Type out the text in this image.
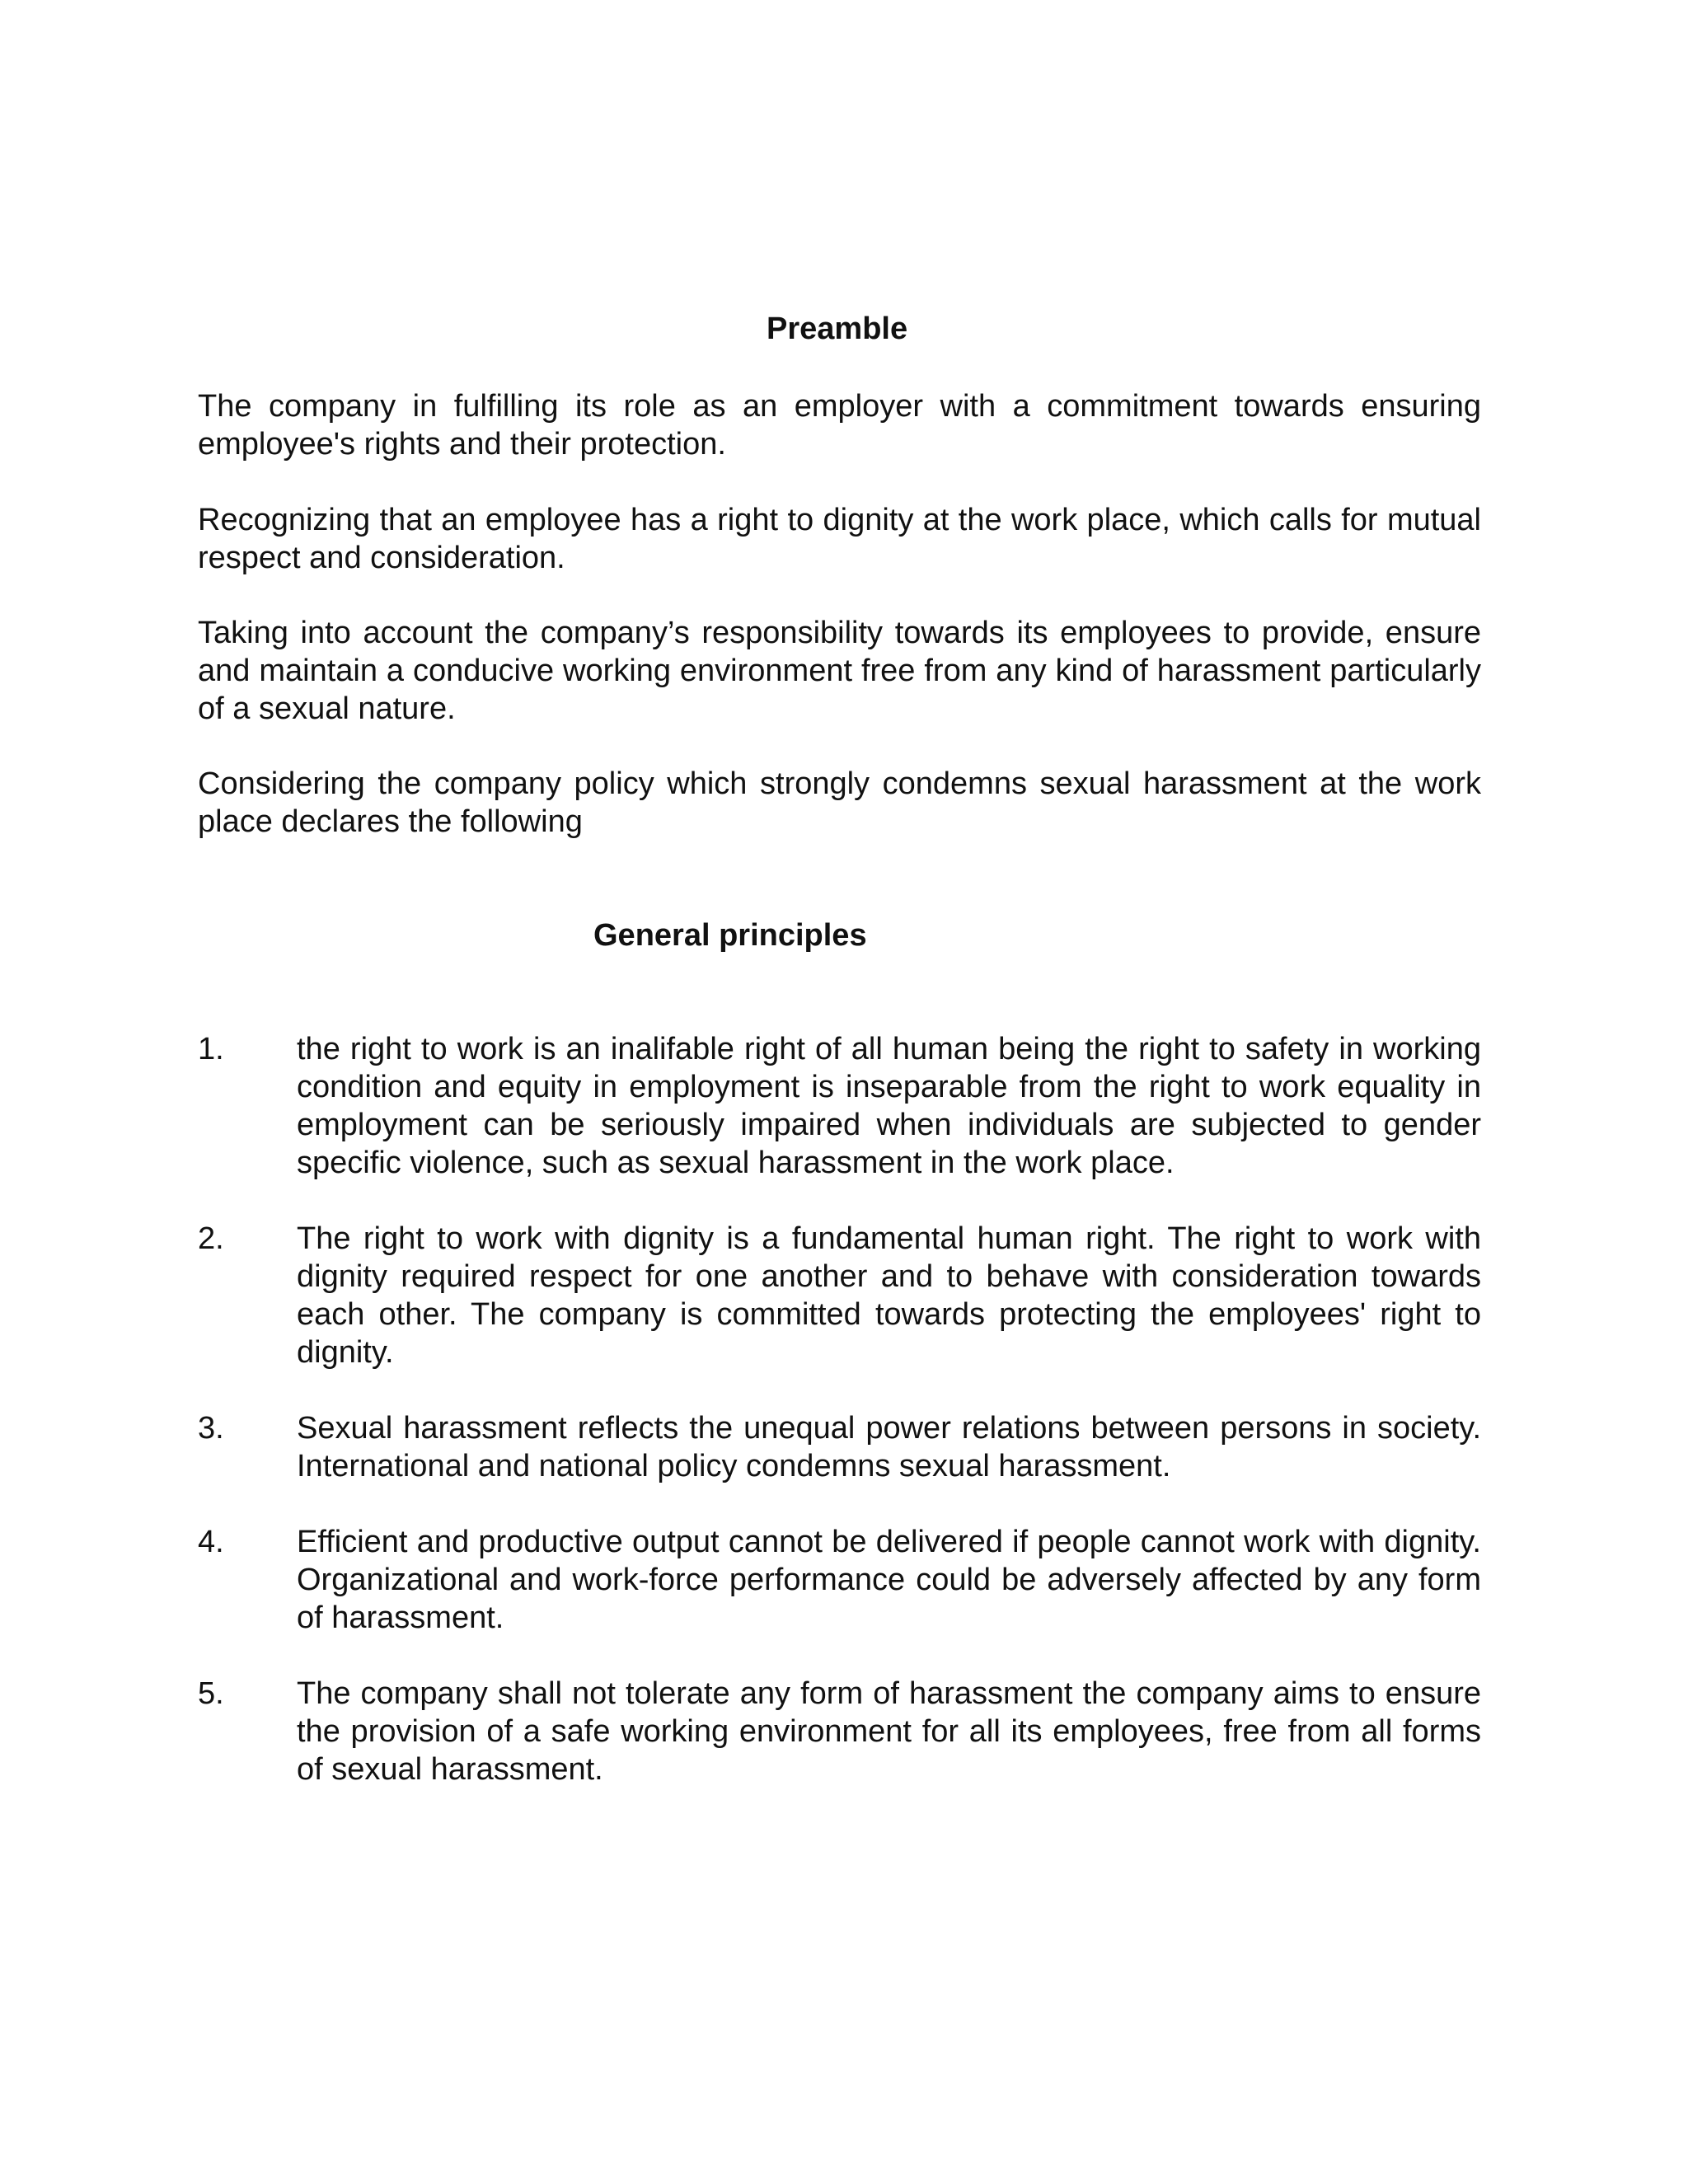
Preamble

The company in fulfilling its role as an employer with a commitment towards ensuring employee's rights and their protection.

Recognizing that an employee has a right to dignity at the work place, which calls for mutual respect and consideration.

Taking into account the company’s responsibility towards its employees to provide, ensure and maintain a conducive working environment free from any kind of harassment particularly of a sexual nature.

Considering the company policy which strongly condemns sexual harassment at the work place declares the following

General principles
1. the right to work is an inalifable right of all human being the right to safety in working condition and equity in employment is inseparable from the right to work equality in employment can be seriously impaired when individuals are subjected to gender specific violence, such as sexual harassment in the work place.
2. The right to work with dignity is a fundamental human right. The right to work with dignity required respect for one another and to behave with consideration towards each other. The company is committed towards protecting the employees' right to dignity.
3. Sexual harassment reflects the unequal power relations between persons in society. International and national policy condemns sexual harassment.
4. Efficient and productive output cannot be delivered if people cannot work with dignity. Organizational and work-force performance could be adversely affected by any form of harassment.
5. The company shall not tolerate any form of harassment the company aims to ensure the provision of a safe working environment for all its employees, free from all forms of sexual harassment.
